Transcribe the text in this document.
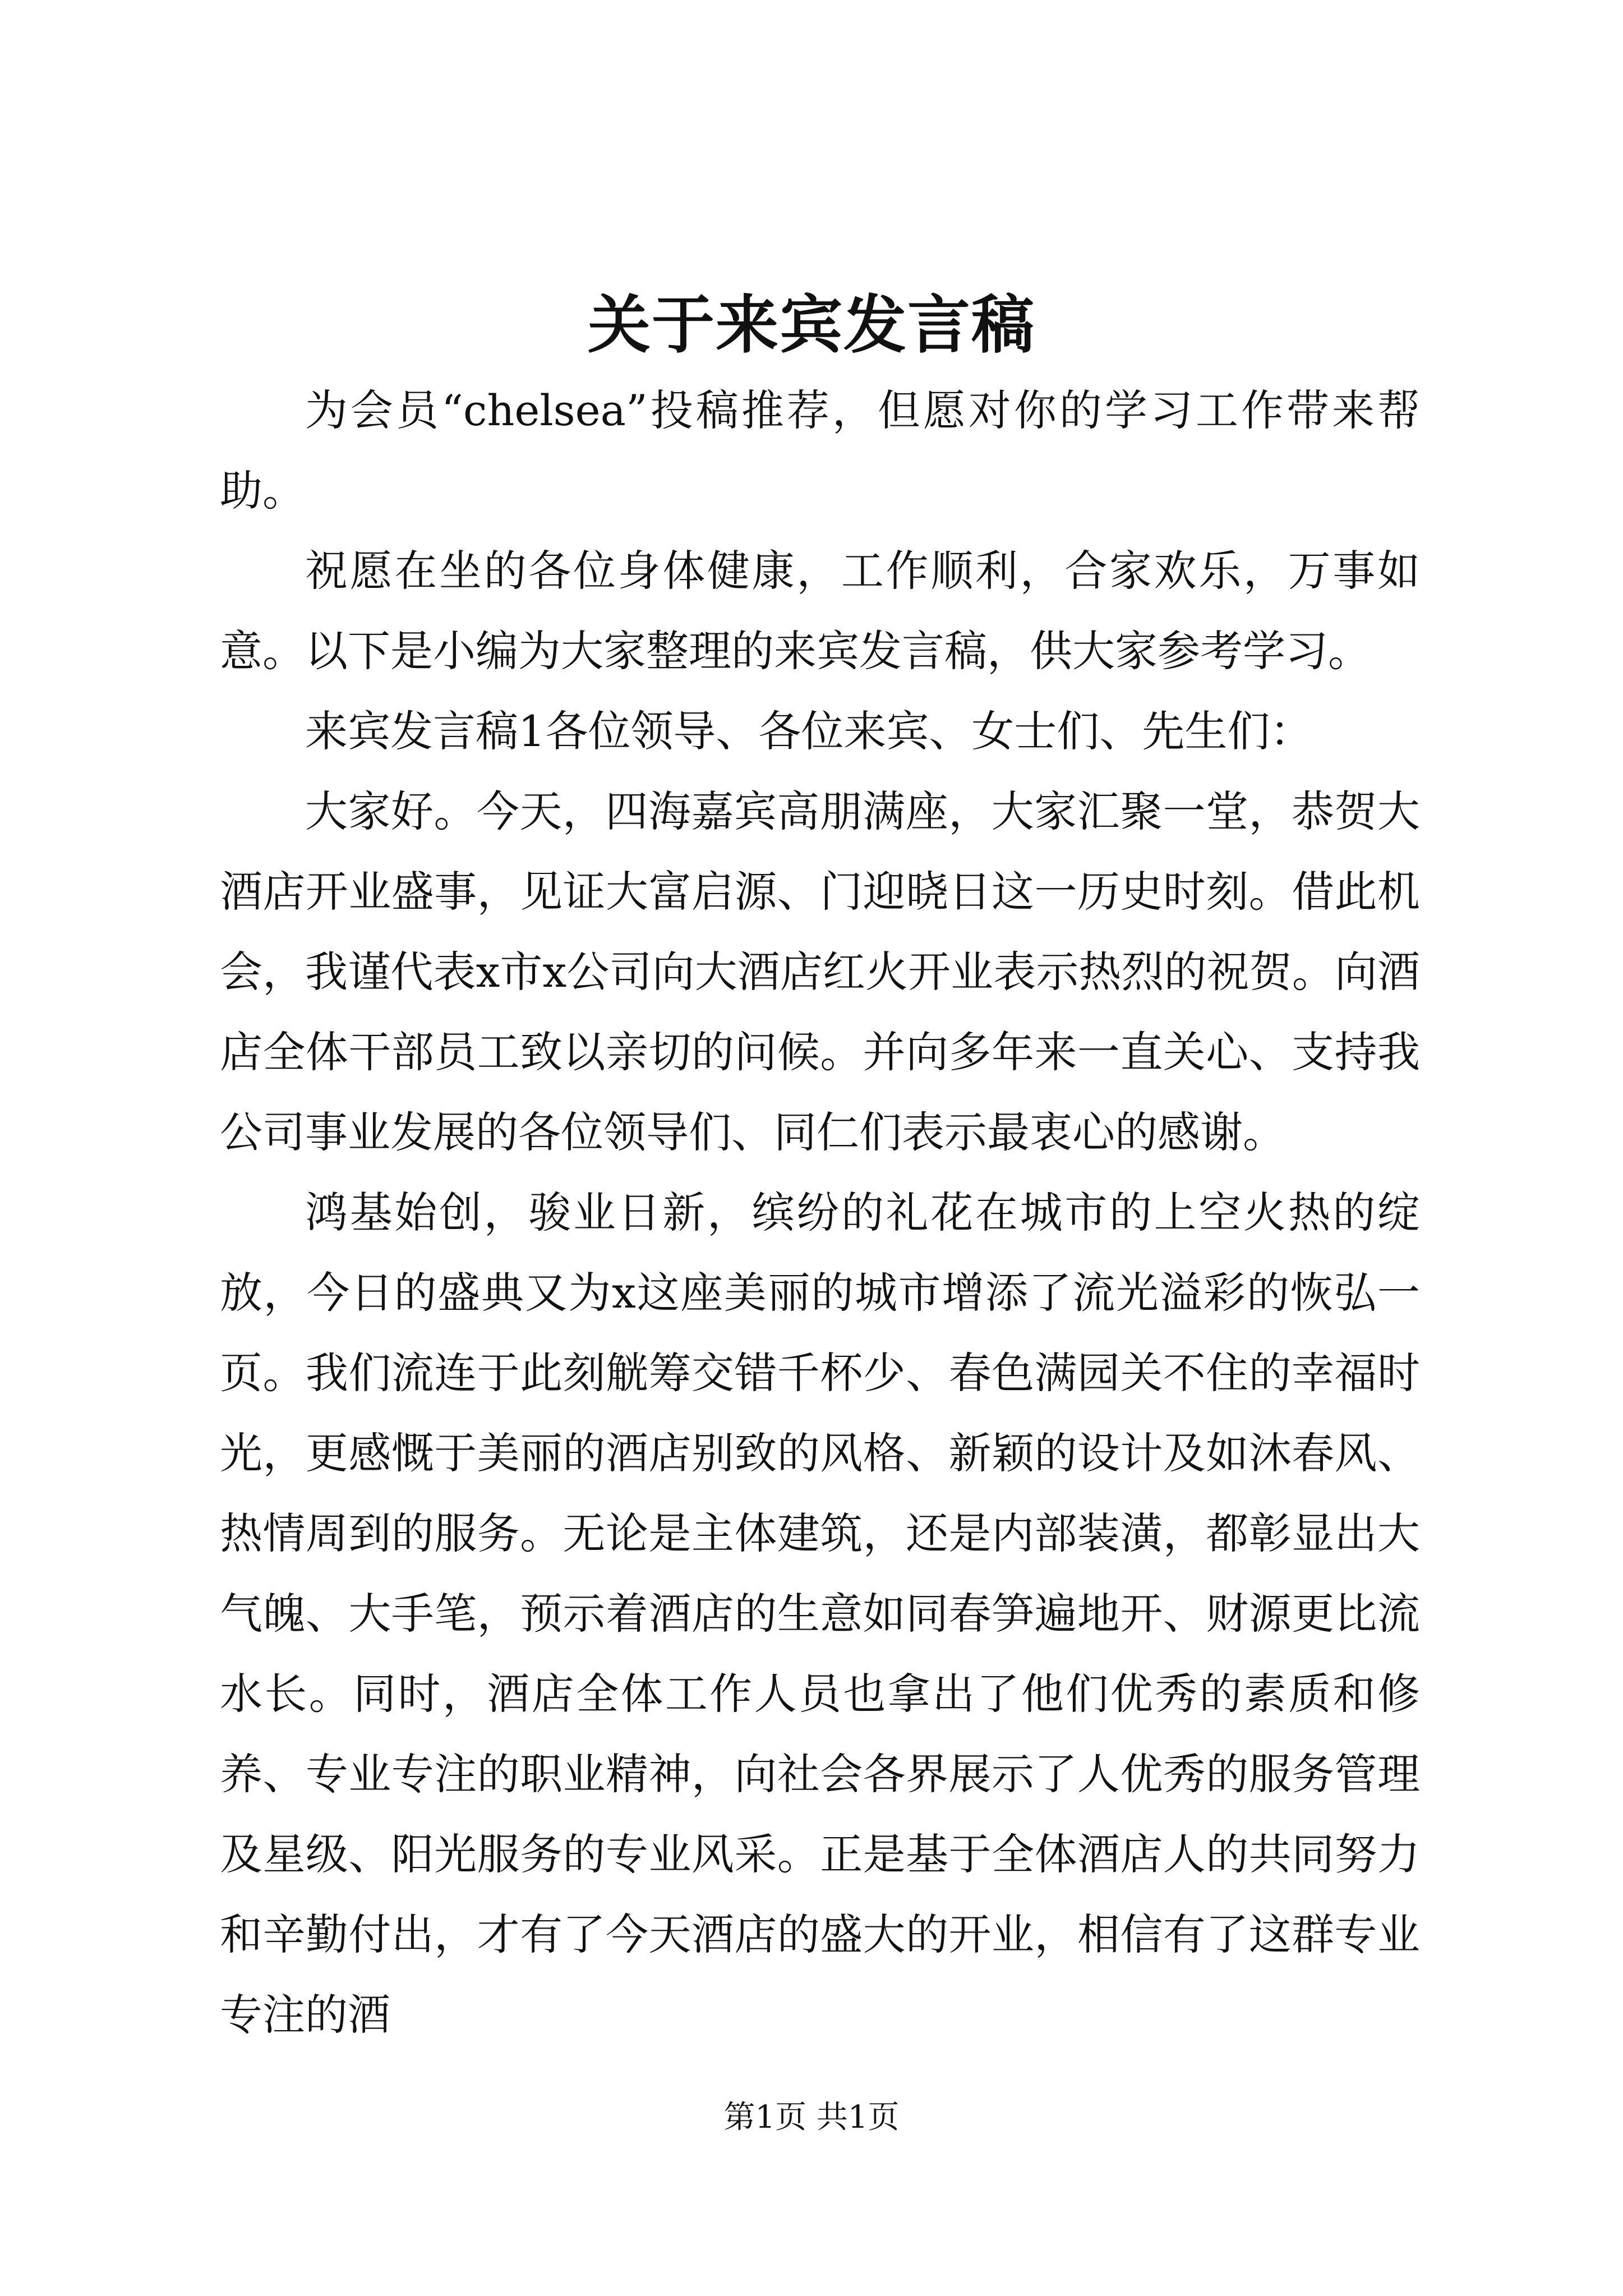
关于来宾发言稿

为会员“chelsea”投稿推荐，但愿对你的学习工作带来帮助。

祝愿在坐的各位身体健康，工作顺利，合家欢乐，万事如意。以下是小编为大家整理的来宾发言稿，供大家参考学习。

来宾发言稿1各位领导、各位来宾、女士们、先生们：

大家好。今天，四海嘉宾高朋满座，大家汇聚一堂，恭贺大酒店开业盛事，见证大富启源、门迎晓日这一历史时刻。借此机会，我谨代表x市x公司向大酒店红火开业表示热烈的祝贺。向酒店全体干部员工致以亲切的问候。并向多年来一直关心、支持我公司事业发展的各位领导们、同仁们表示最衷心的感谢。

鸿基始创，骏业日新，缤纷的礼花在城市的上空火热的绽放，今日的盛典又为x这座美丽的城市增添了流光溢彩的恢弘一页。我们流连于此刻觥筹交错千杯少、春色满园关不住的幸福时光，更感慨于美丽的酒店别致的风格、新颖的设计及如沐春风、热情周到的服务。无论是主体建筑，还是内部装潢，都彰显出大气魄、大手笔，预示着酒店的生意如同春笋遍地开、财源更比流水长。同时，酒店全体工作人员也拿出了他们优秀的素质和修养、专业专注的职业精神，向社会各界展示了人优秀的服务管理及星级、阳光服务的专业风采。正是基于全体酒店人的共同努力和辛勤付出，才有了今天酒店的盛大的开业，相信有了这群专业专注的酒

第1页 共1页
